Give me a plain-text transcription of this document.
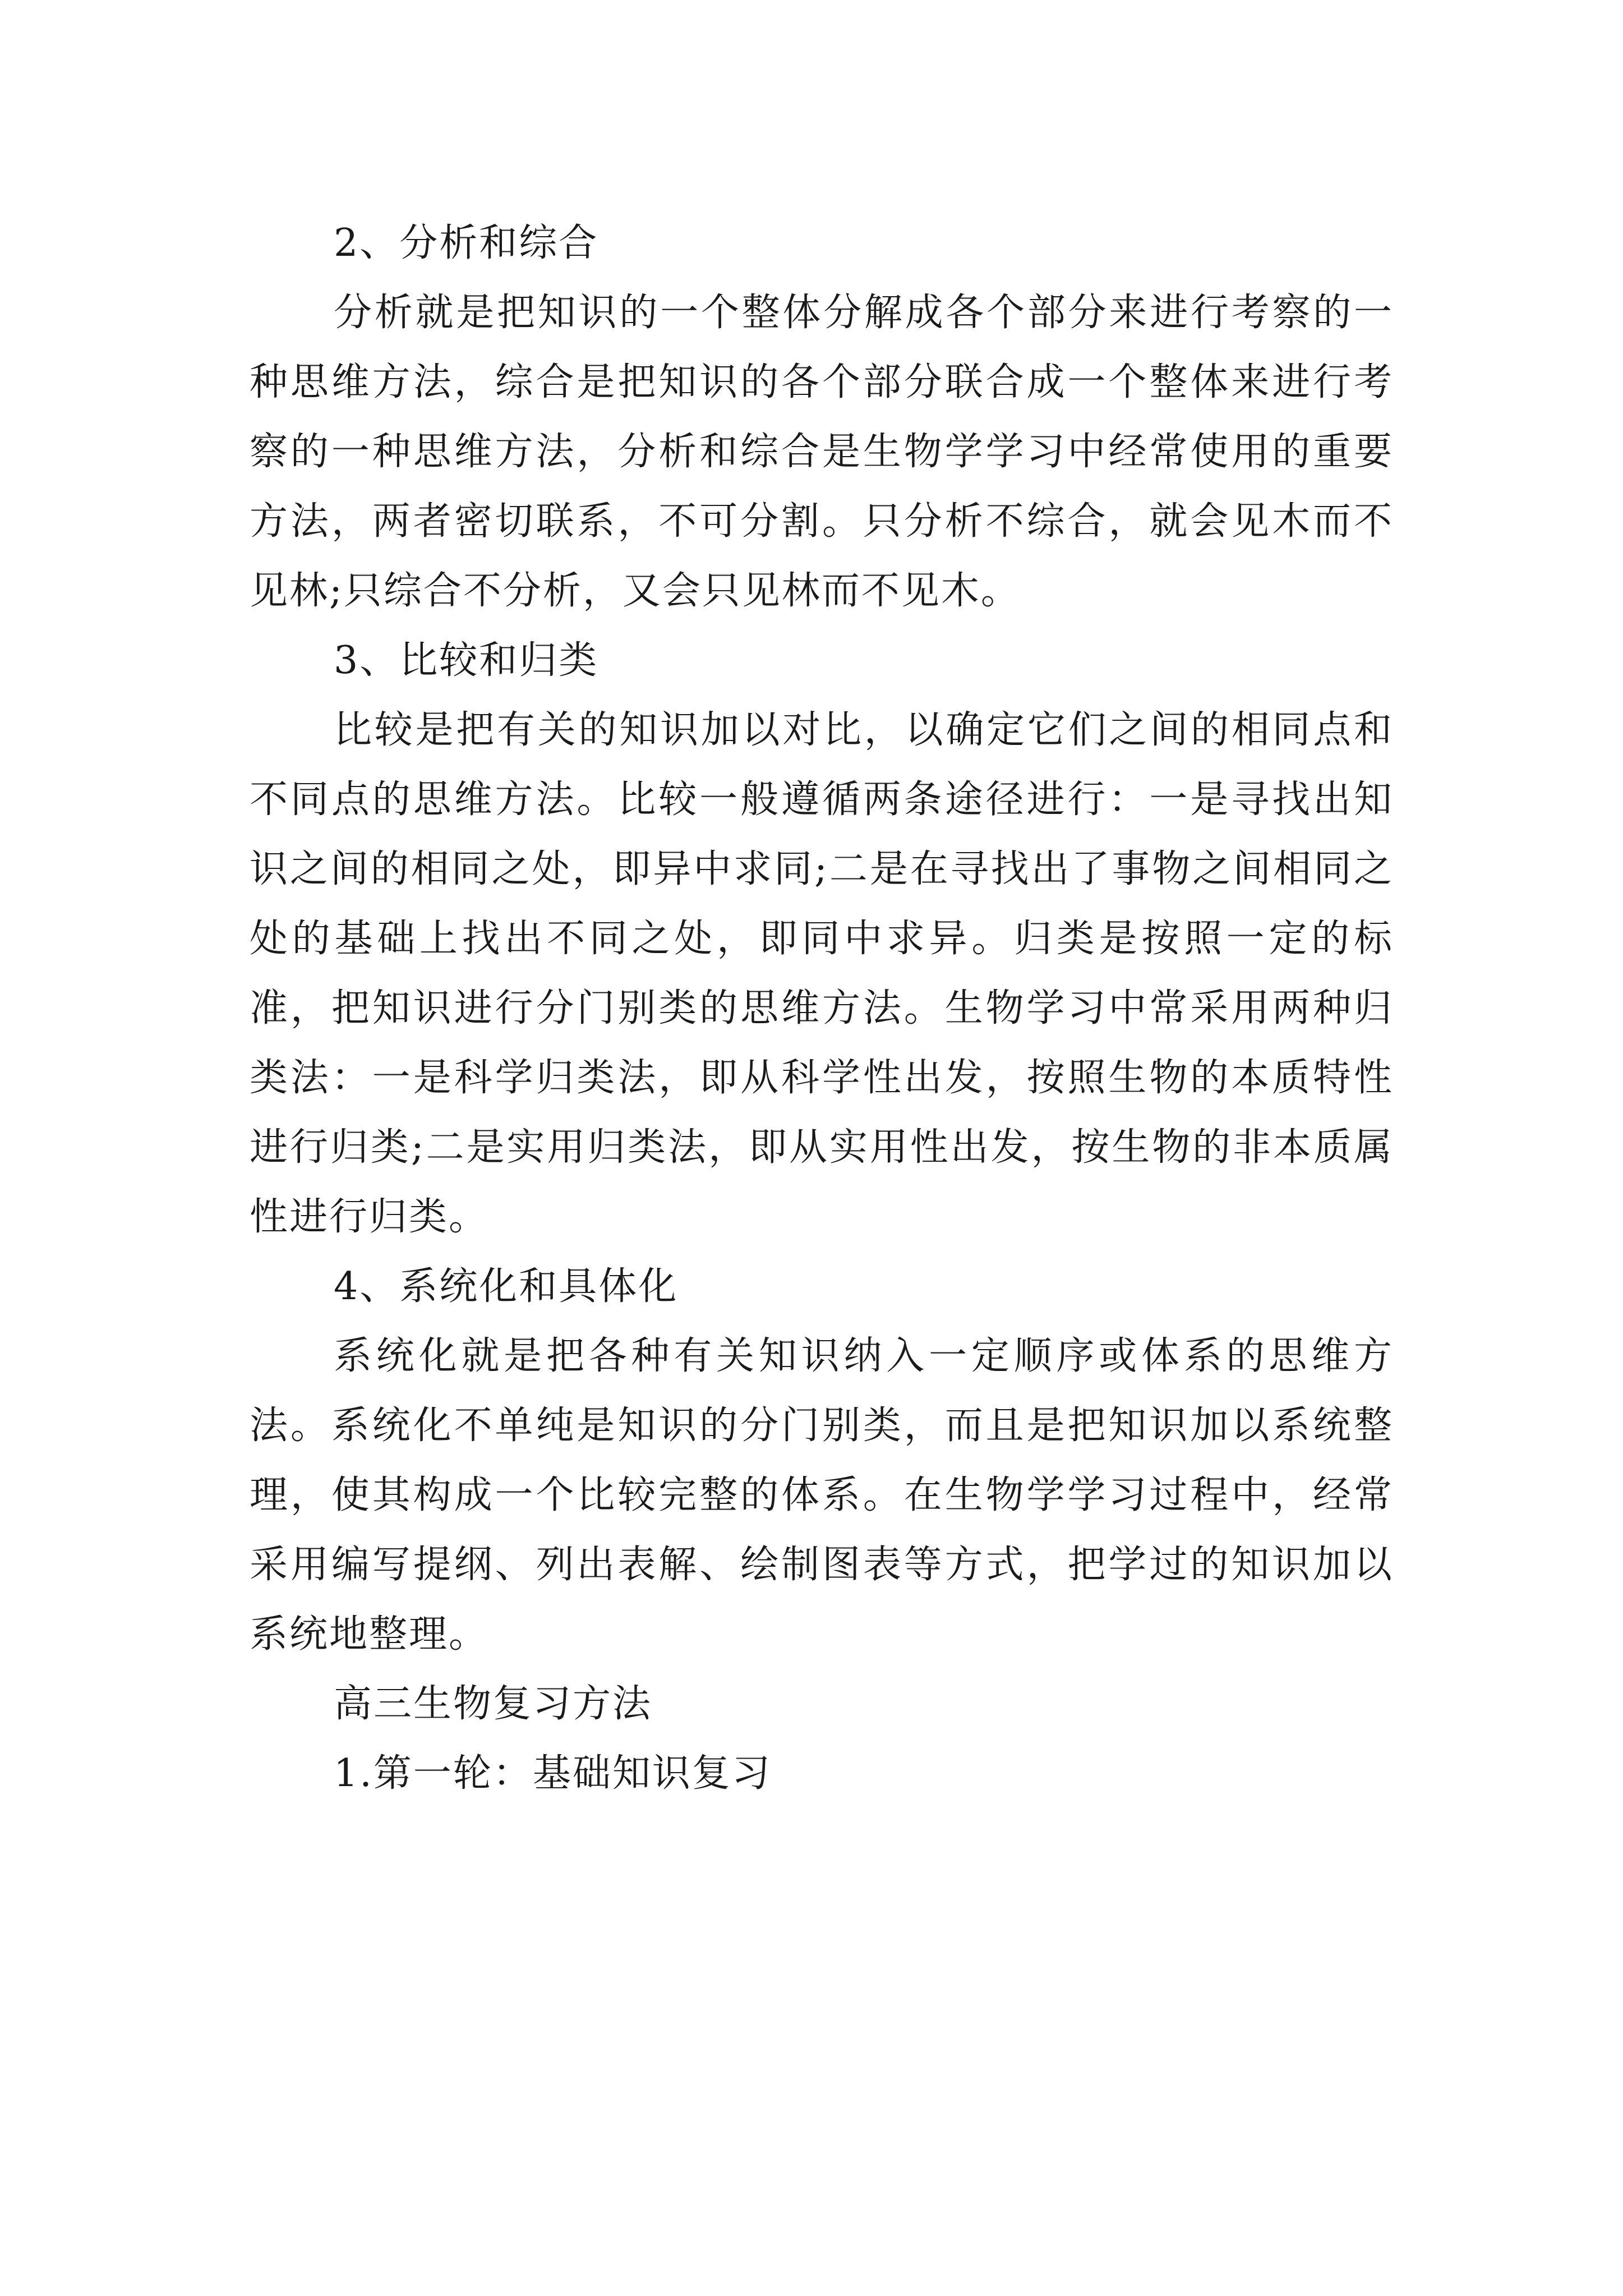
2、分析和综合

分析就是把知识的一个整体分解成各个部分来进行考察的一种思维方法，综合是把知识的各个部分联合成一个整体来进行考察的一种思维方法，分析和综合是生物学学习中经常使用的重要方法，两者密切联系，不可分割。只分析不综合，就会见木而不见林;只综合不分析，又会只见林而不见木。

3、比较和归类

比较是把有关的知识加以对比，以确定它们之间的相同点和不同点的思维方法。比较一般遵循两条途径进行：一是寻找出知识之间的相同之处，即异中求同;二是在寻找出了事物之间相同之处的基础上找出不同之处，即同中求异。归类是按照一定的标准，把知识进行分门别类的思维方法。生物学习中常采用两种归类法：一是科学归类法，即从科学性出发，按照生物的本质特性进行归类;二是实用归类法，即从实用性出发，按生物的非本质属性进行归类。

4、系统化和具体化

系统化就是把各种有关知识纳入一定顺序或体系的思维方法。系统化不单纯是知识的分门别类，而且是把知识加以系统整理，使其构成一个比较完整的体系。在生物学学习过程中，经常采用编写提纲、列出表解、绘制图表等方式，把学过的知识加以系统地整理。

高三生物复习方法

1.第一轮：基础知识复习
